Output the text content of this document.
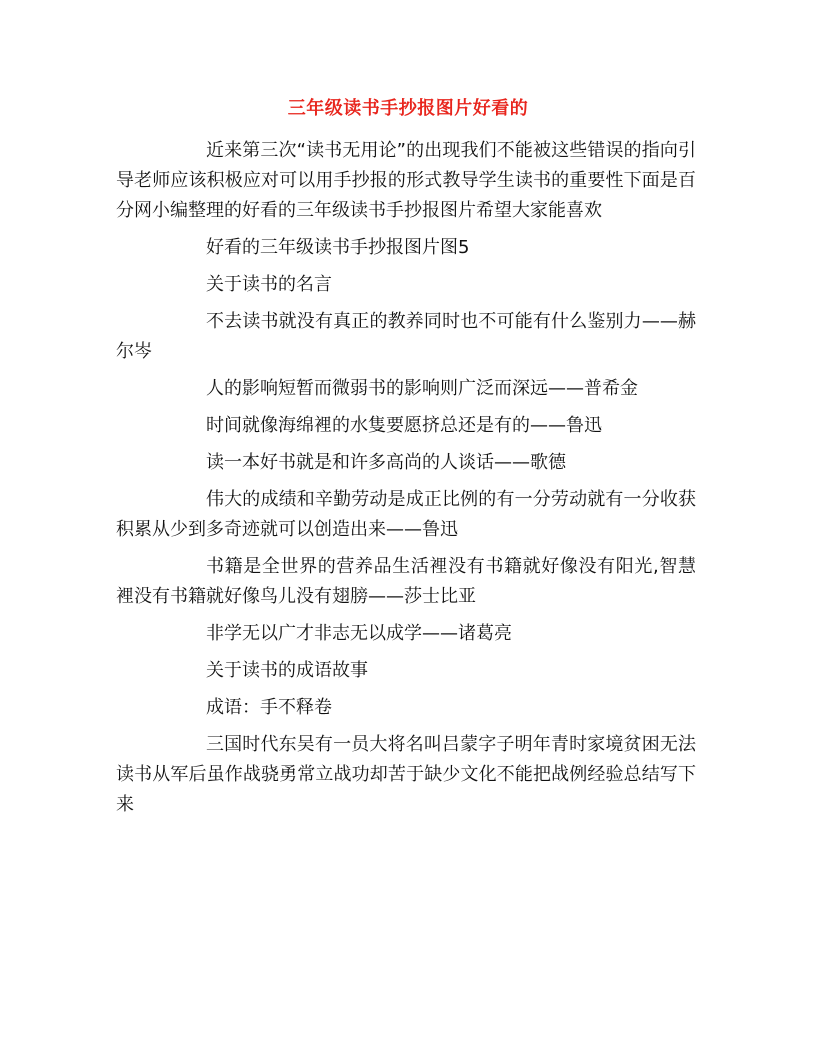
三年级读书手抄报图片好看的

近来第三次“读书无用论”的出现我们不能被这些错误的指向引导老师应该积极应对可以用手抄报的形式教导学生读书的重要性下面是百分网小编整理的好看的三年级读书手抄报图片希望大家能喜欢

好看的三年级读书手抄报图片图5

关于读书的名言

不去读书就没有真正的教养同时也不可能有什么鉴别力——赫尔岑

人的影响短暂而微弱书的影响则广泛而深远——普希金

时间就像海绵裡的水隻要愿挤总还是有的——鲁迅

读一本好书就是和许多高尚的人谈话——歌德

伟大的成绩和辛勤劳动是成正比例的有一分劳动就有一分收获积累从少到多奇迹就可以创造出来——鲁迅

书籍是全世界的营养品生活裡没有书籍就好像没有阳光,智慧裡没有书籍就好像鸟儿没有翅膀——莎士比亚

非学无以广才非志无以成学——诸葛亮

关于读书的成语故事

成语：手不释卷

三国时代东吴有一员大将名叫吕蒙字子明年青时家境贫困无法读书从军后虽作战骁勇常立战功却苦于缺少文化不能把战例经验总结写下来
